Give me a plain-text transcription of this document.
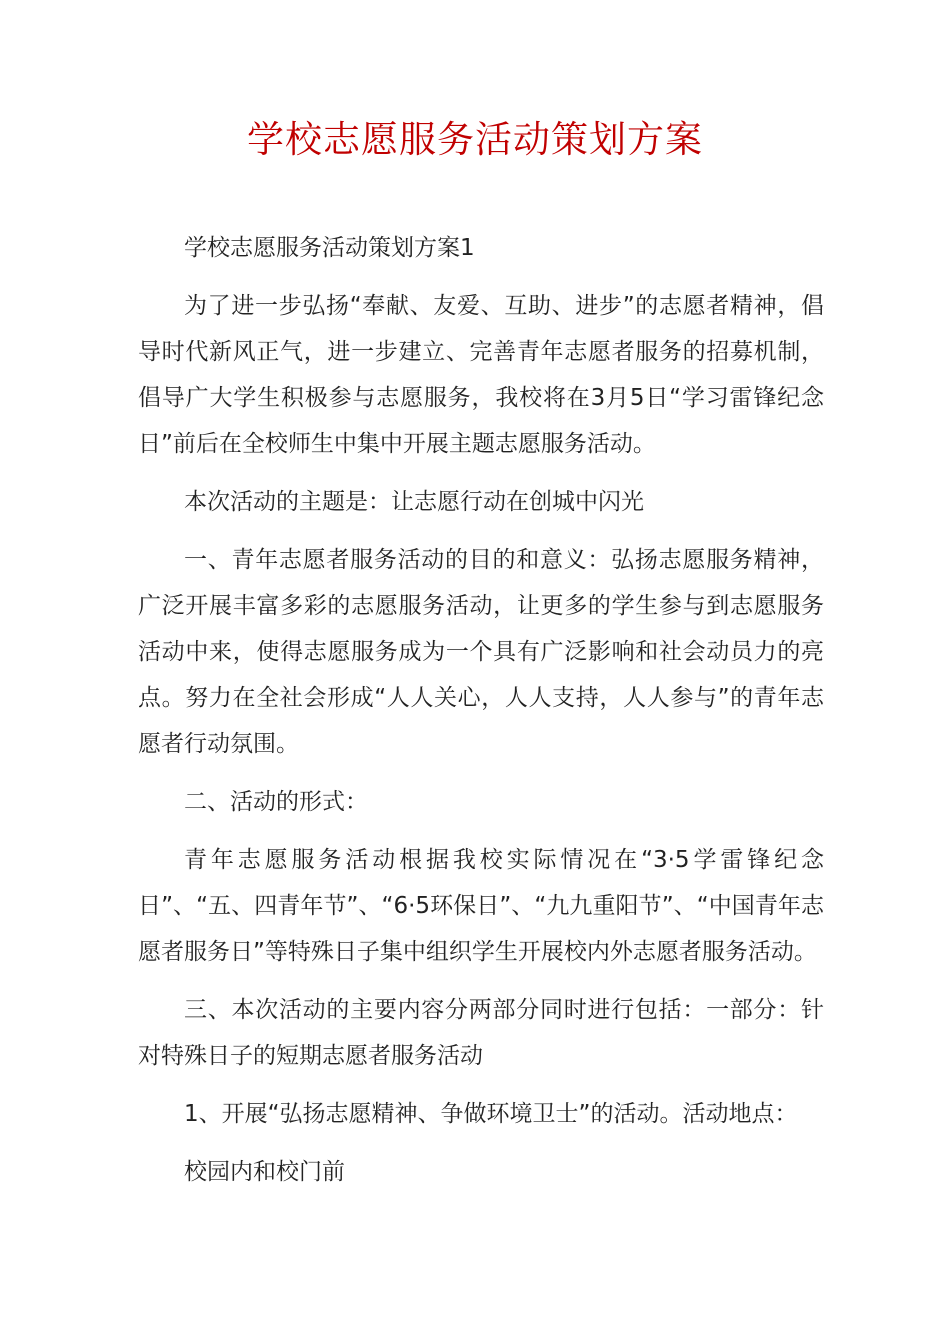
学校志愿服务活动策划方案

学校志愿服务活动策划方案1

为了进一步弘扬“奉献、友爱、互助、进步”的志愿者精神，倡导时代新风正气，进一步建立、完善青年志愿者服务的招募机制，倡导广大学生积极参与志愿服务，我校将在3月5日“学习雷锋纪念日”前后在全校师生中集中开展主题志愿服务活动。

本次活动的主题是：让志愿行动在创城中闪光

一、青年志愿者服务活动的目的和意义：弘扬志愿服务精神，广泛开展丰富多彩的志愿服务活动，让更多的学生参与到志愿服务活动中来，使得志愿服务成为一个具有广泛影响和社会动员力的亮点。努力在全社会形成“人人关心，人人支持，人人参与”的青年志愿者行动氛围。

二、活动的形式：

青年志愿服务活动根据我校实际情况在“3·5学雷锋纪念日”、“五、四青年节”、“6·5环保日”、“九九重阳节”、“中国青年志愿者服务日”等特殊日子集中组织学生开展校内外志愿者服务活动。

三、本次活动的主要内容分两部分同时进行包括：一部分：针对特殊日子的短期志愿者服务活动

1、开展“弘扬志愿精神、争做环境卫士”的活动。活动地点：

校园内和校门前
